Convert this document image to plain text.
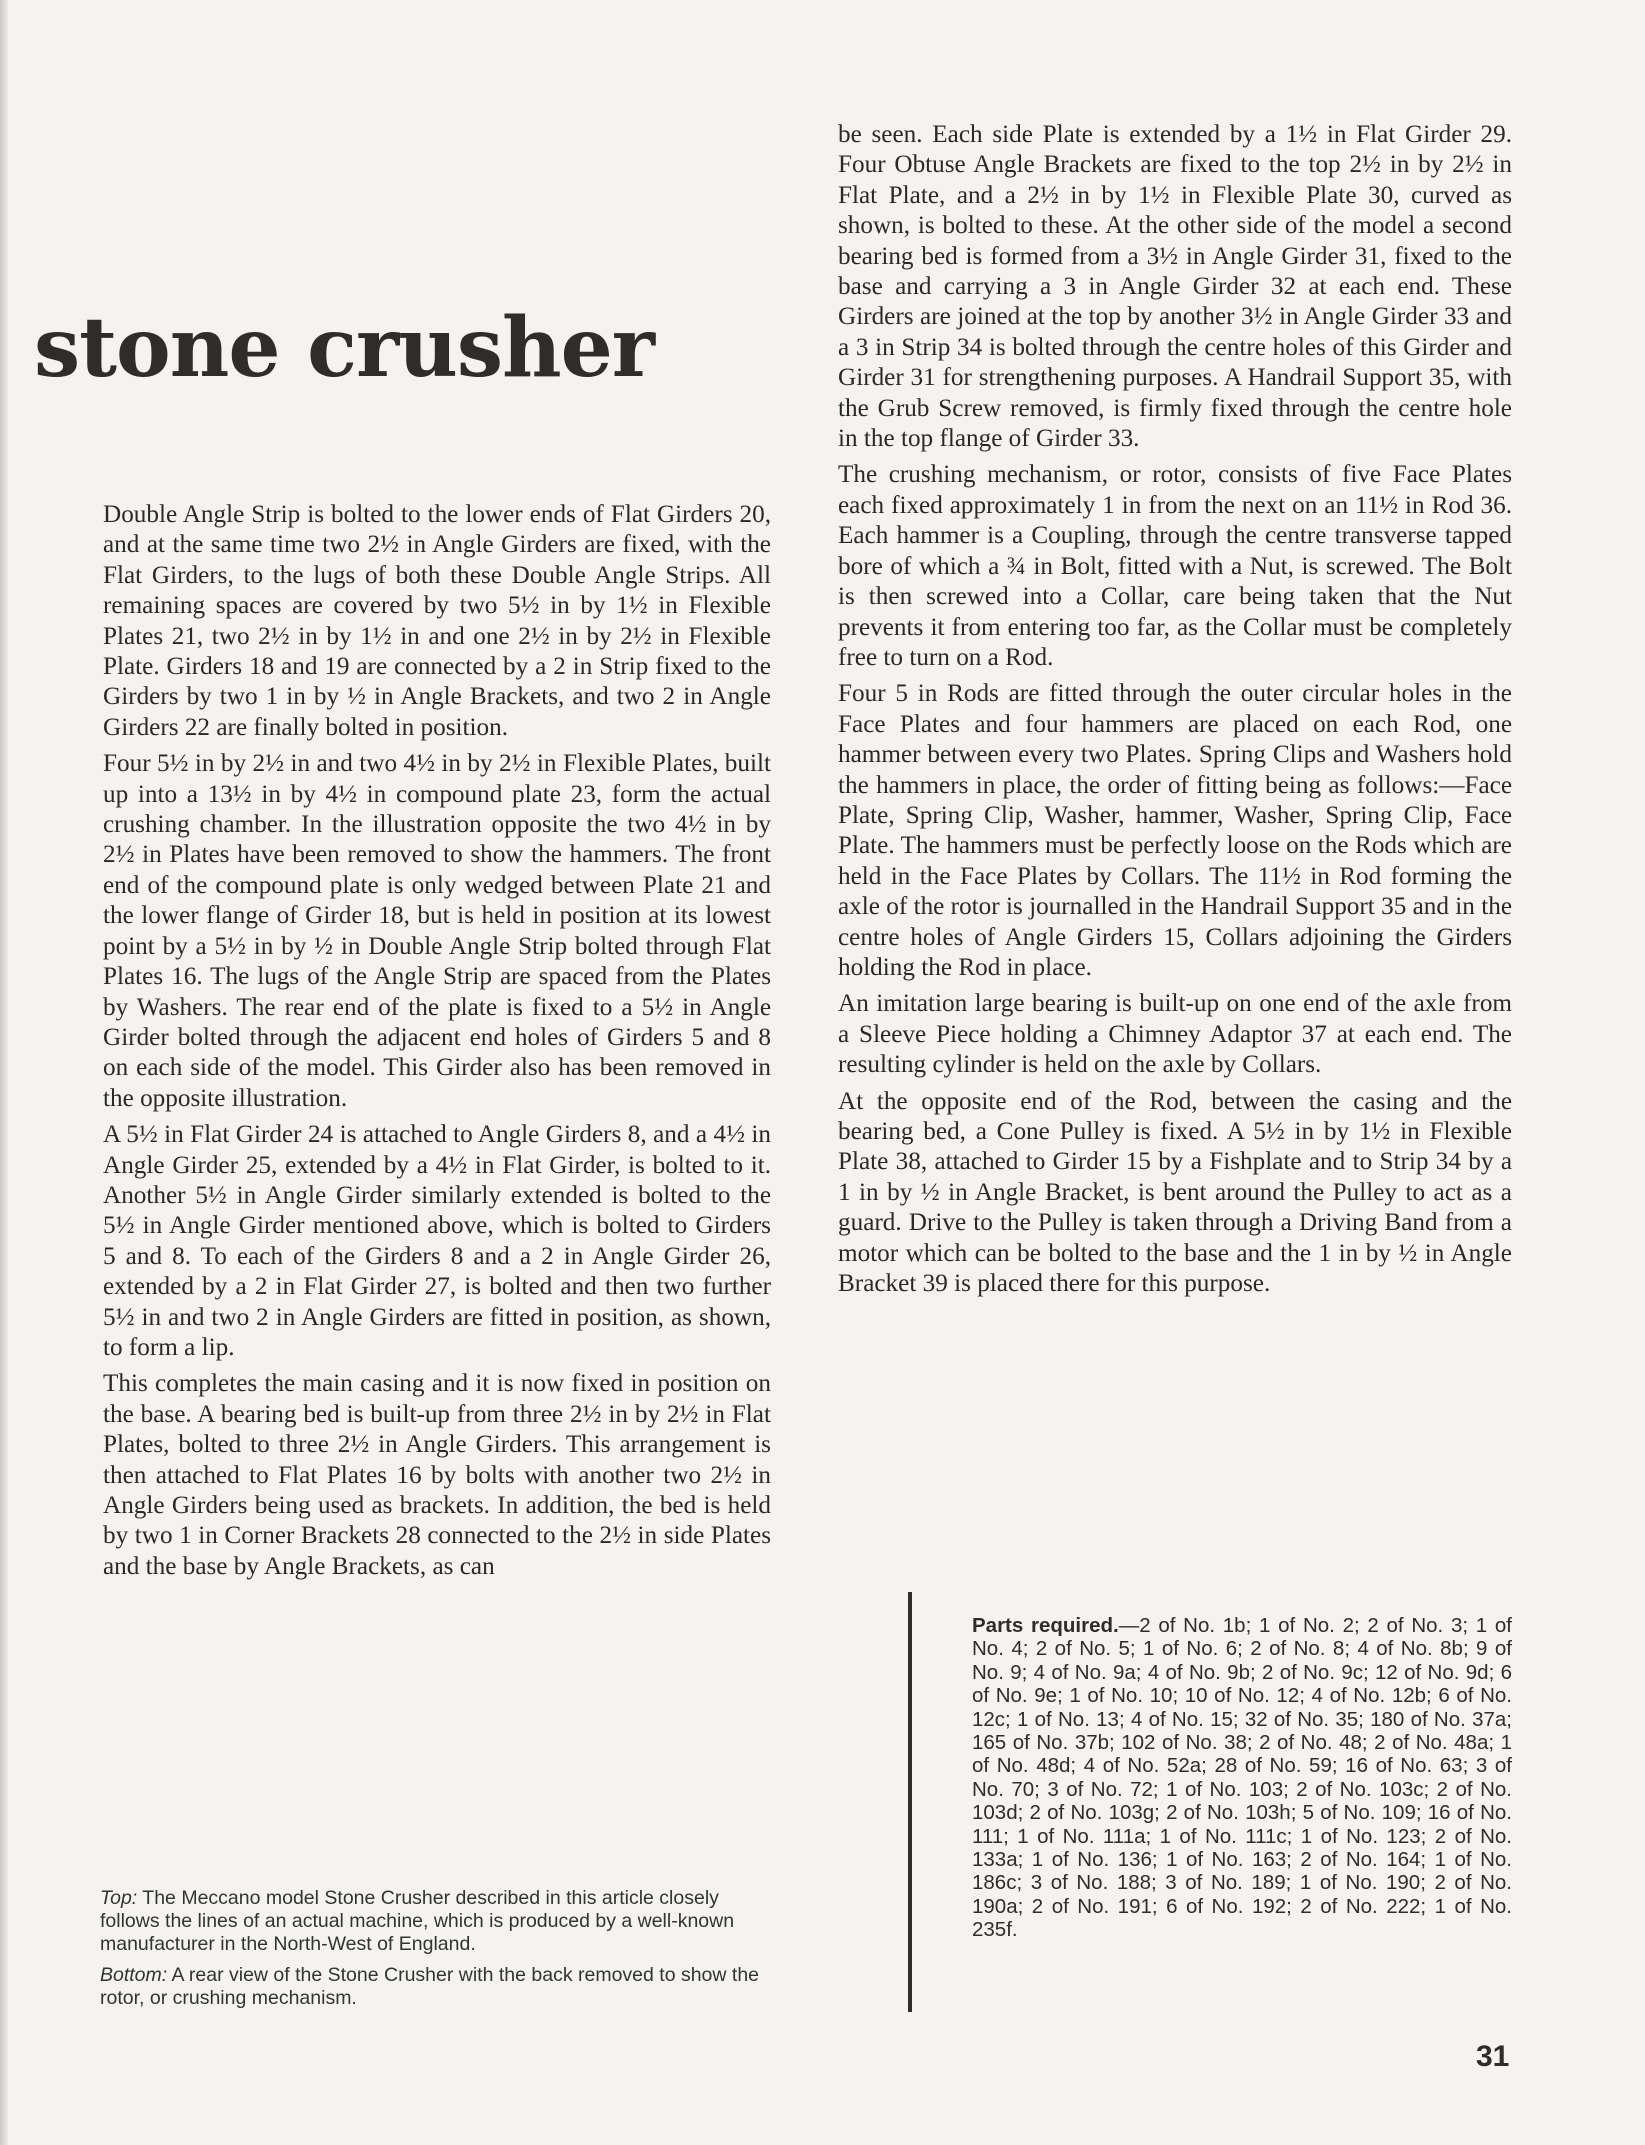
stone crusher

Double Angle Strip is bolted to the lower ends of Flat Girders 20, and at the same time two 2½ in Angle Girders are fixed, with the Flat Girders, to the lugs of both these Double Angle Strips. All remaining spaces are covered by two 5½ in by 1½ in Flexible Plates 21, two 2½ in by 1½ in and one 2½ in by 2½ in Flexible Plate. Girders 18 and 19 are connected by a 2 in Strip fixed to the Girders by two 1 in by ½ in Angle Brackets, and two 2 in Angle Girders 22 are finally bolted in position.

Four 5½ in by 2½ in and two 4½ in by 2½ in Flexible Plates, built up into a 13½ in by 4½ in compound plate 23, form the actual crushing chamber. In the illustration opposite the two 4½ in by 2½ in Plates have been removed to show the hammers. The front end of the compound plate is only wedged between Plate 21 and the lower flange of Girder 18, but is held in position at its lowest point by a 5½ in by ½ in Double Angle Strip bolted through Flat Plates 16. The lugs of the Angle Strip are spaced from the Plates by Washers. The rear end of the plate is fixed to a 5½ in Angle Girder bolted through the adjacent end holes of Girders 5 and 8 on each side of the model. This Girder also has been removed in the opposite illustration.

A 5½ in Flat Girder 24 is attached to Angle Girders 8, and a 4½ in Angle Girder 25, extended by a 4½ in Flat Girder, is bolted to it. Another 5½ in Angle Girder similarly extended is bolted to the 5½ in Angle Girder mentioned above, which is bolted to Girders 5 and 8. To each of the Girders 8 and a 2 in Angle Girder 26, extended by a 2 in Flat Girder 27, is bolted and then two further 5½ in and two 2 in Angle Girders are fitted in position, as shown, to form a lip.

This completes the main casing and it is now fixed in position on the base. A bearing bed is built-up from three 2½ in by 2½ in Flat Plates, bolted to three 2½ in Angle Girders. This arrangement is then attached to Flat Plates 16 by bolts with another two 2½ in Angle Girders being used as brackets. In addition, the bed is held by two 1 in Corner Brackets 28 connected to the 2½ in side Plates and the base by Angle Brackets, as can

be seen. Each side Plate is extended by a 1½ in Flat Girder 29. Four Obtuse Angle Brackets are fixed to the top 2½ in by 2½ in Flat Plate, and a 2½ in by 1½ in Flexible Plate 30, curved as shown, is bolted to these. At the other side of the model a second bearing bed is formed from a 3½ in Angle Girder 31, fixed to the base and carrying a 3 in Angle Girder 32 at each end. These Girders are joined at the top by another 3½ in Angle Girder 33 and a 3 in Strip 34 is bolted through the centre holes of this Girder and Girder 31 for strengthening purposes. A Handrail Support 35, with the Grub Screw removed, is firmly fixed through the centre hole in the top flange of Girder 33.

The crushing mechanism, or rotor, consists of five Face Plates each fixed approximately 1 in from the next on an 11½ in Rod 36. Each hammer is a Coupling, through the centre transverse tapped bore of which a ¾ in Bolt, fitted with a Nut, is screwed. The Bolt is then screwed into a Collar, care being taken that the Nut prevents it from entering too far, as the Collar must be completely free to turn on a Rod.

Four 5 in Rods are fitted through the outer circular holes in the Face Plates and four hammers are placed on each Rod, one hammer between every two Plates. Spring Clips and Washers hold the hammers in place, the order of fitting being as follows:—Face Plate, Spring Clip, Washer, hammer, Washer, Spring Clip, Face Plate. The hammers must be perfectly loose on the Rods which are held in the Face Plates by Collars. The 11½ in Rod forming the axle of the rotor is journalled in the Handrail Support 35 and in the centre holes of Angle Girders 15, Collars adjoining the Girders holding the Rod in place.

An imitation large bearing is built-up on one end of the axle from a Sleeve Piece holding a Chimney Adaptor 37 at each end. The resulting cylinder is held on the axle by Collars.

At the opposite end of the Rod, between the casing and the bearing bed, a Cone Pulley is fixed. A 5½ in by 1½ in Flexible Plate 38, attached to Girder 15 by a Fishplate and to Strip 34 by a 1 in by ½ in Angle Bracket, is bent around the Pulley to act as a guard. Drive to the Pulley is taken through a Driving Band from a motor which can be bolted to the base and the 1 in by ½ in Angle Bracket 39 is placed there for this purpose.

Top: The Meccano model Stone Crusher described in this article closely follows the lines of an actual machine, which is produced by a well-known manufacturer in the North-West of England.

Bottom: A rear view of the Stone Crusher with the back removed to show the rotor, or crushing mechanism.

Parts required.—2 of No. 1b; 1 of No. 2; 2 of No. 3; 1 of No. 4; 2 of No. 5; 1 of No. 6; 2 of No. 8; 4 of No. 8b; 9 of No. 9; 4 of No. 9a; 4 of No. 9b; 2 of No. 9c; 12 of No. 9d; 6 of No. 9e; 1 of No. 10; 10 of No. 12; 4 of No. 12b; 6 of No. 12c; 1 of No. 13; 4 of No. 15; 32 of No. 35; 180 of No. 37a; 165 of No. 37b; 102 of No. 38; 2 of No. 48; 2 of No. 48a; 1 of No. 48d; 4 of No. 52a; 28 of No. 59; 16 of No. 63; 3 of No. 70; 3 of No. 72; 1 of No. 103; 2 of No. 103c; 2 of No. 103d; 2 of No. 103g; 2 of No. 103h; 5 of No. 109; 16 of No. 111; 1 of No. 111a; 1 of No. 111c; 1 of No. 123; 2 of No. 133a; 1 of No. 136; 1 of No. 163; 2 of No. 164; 1 of No. 186c; 3 of No. 188; 3 of No. 189; 1 of No. 190; 2 of No. 190a; 2 of No. 191; 6 of No. 192; 2 of No. 222; 1 of No. 235f.
31
